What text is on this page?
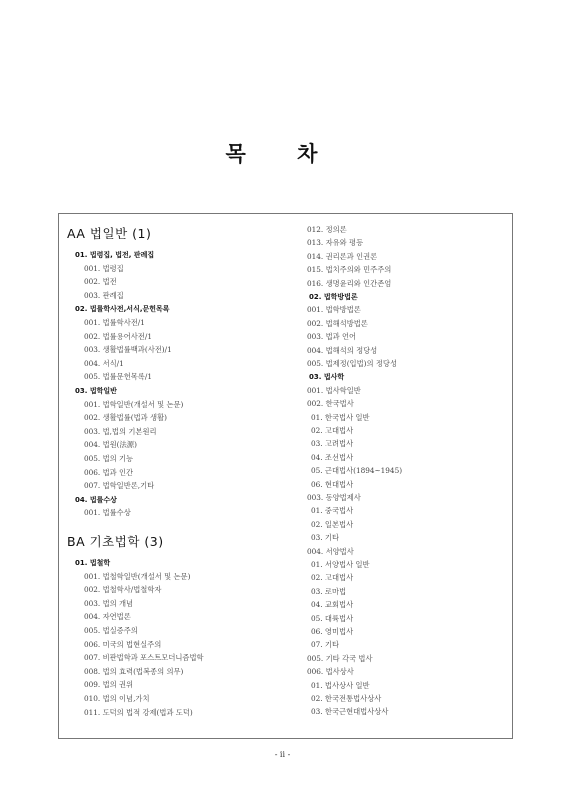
목 차
AA 법일반 (1)
01. 법령집, 법전, 판례집
001. 법령집
002. 법전
003. 판례집
02. 법률학사전,서식,문헌목록
001. 법률학사전/1
002. 법률용어사전/1
003. 생활법률백과(사전)/1
004. 서식/1
005. 법률문헌목록/1
03. 법학일반
001. 법학일반(개설서 및 논문)
002. 생활법률(법과 생활)
003. 법,법의 기본원리
004. 법원(法源)
005. 법의 기능
006. 법과 인간
007. 법학일반론,기타
04. 법률수상
001. 법률수상
BA 기초법학 (3)
01. 법철학
001. 법철학일반(개설서 및 논문)
002. 법철학사/법철학자
003. 법의 개념
004. 자연법론
005. 법실증주의
006. 미국의 법현실주의
007. 비판법학과 포스트모더니즘법학
008. 법의 효력(법복종의 의무)
009. 법의 권위
010. 법의 이념,가치
011. 도덕의 법적 강제(법과 도덕)
012. 정의론
013. 자유와 평등
014. 권리론과 인권론
015. 법치주의와 민주주의
016. 생명윤리와 인간존엄
02. 법학방법론
001. 법학방법론
002. 법해석방법론
003. 법과 언어
004. 법해석의 정당성
005. 법제정(입법)의 정당성
03. 법사학
001. 법사학일반
002. 한국법사
01. 한국법사 일반
02. 고대법사
03. 고려법사
04. 조선법사
05. 근대법사(1894~1945)
06. 현대법사
003. 동양법제사
01. 중국법사
02. 일본법사
03. 기타
004. 서양법사
01. 서양법사 일반
02. 고대법사
03. 로마법
04. 교회법사
05. 대륙법사
06. 영미법사
07. 기타
005. 기타 각국 법사
006. 법사상사
01. 법사상사 일반
02. 한국전통법사상사
03. 한국근현대법사상사
- ii -
